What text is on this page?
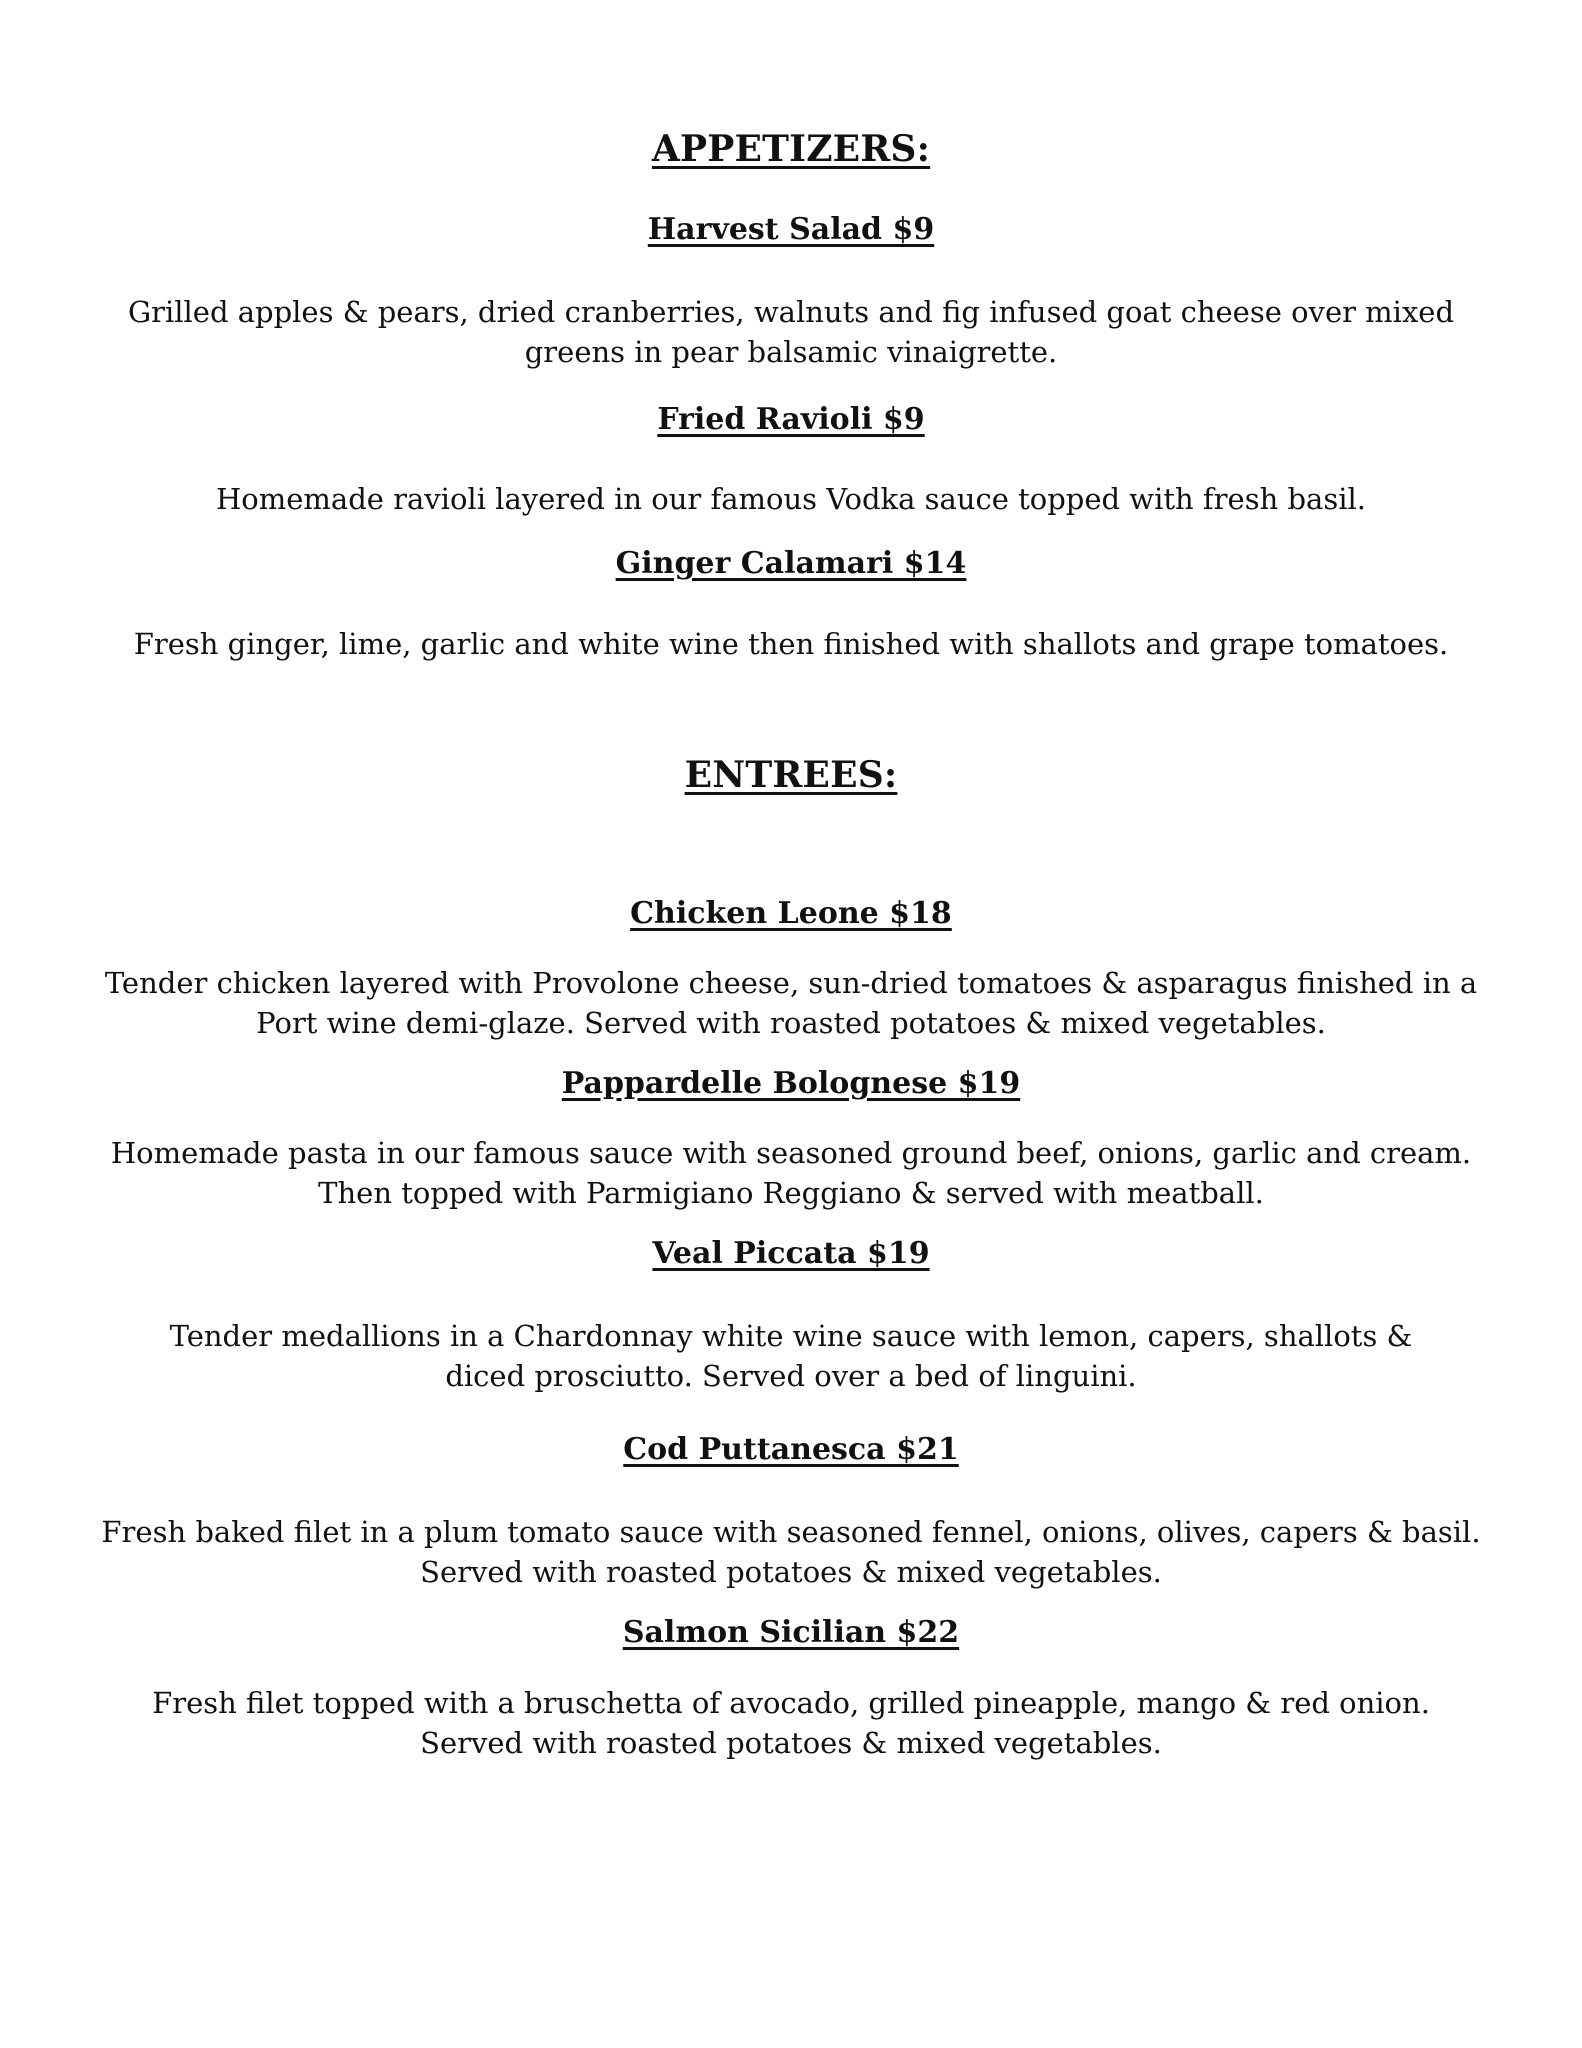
APPETIZERS:
Harvest Salad $9
Grilled apples & pears, dried cranberries, walnuts and fig infused goat cheese over mixed
greens in pear balsamic vinaigrette.
Fried Ravioli $9
Homemade ravioli layered in our famous Vodka sauce topped with fresh basil.
Ginger Calamari $14
Fresh ginger, lime, garlic and white wine then finished with shallots and grape tomatoes.
ENTREES:
Chicken Leone $18
Tender chicken layered with Provolone cheese, sun-dried tomatoes & asparagus finished in a
Port wine demi-glaze. Served with roasted potatoes & mixed vegetables.
Pappardelle Bolognese $19
Homemade pasta in our famous sauce with seasoned ground beef, onions, garlic and cream.
Then topped with Parmigiano Reggiano & served with meatball.
Veal Piccata $19
Tender medallions in a Chardonnay white wine sauce with lemon, capers, shallots &
diced prosciutto. Served over a bed of linguini.
Cod Puttanesca $21
Fresh baked filet in a plum tomato sauce with seasoned fennel, onions, olives, capers & basil.
Served with roasted potatoes & mixed vegetables.
Salmon Sicilian $22
Fresh filet topped with a bruschetta of avocado, grilled pineapple, mango & red onion.
Served with roasted potatoes & mixed vegetables.
